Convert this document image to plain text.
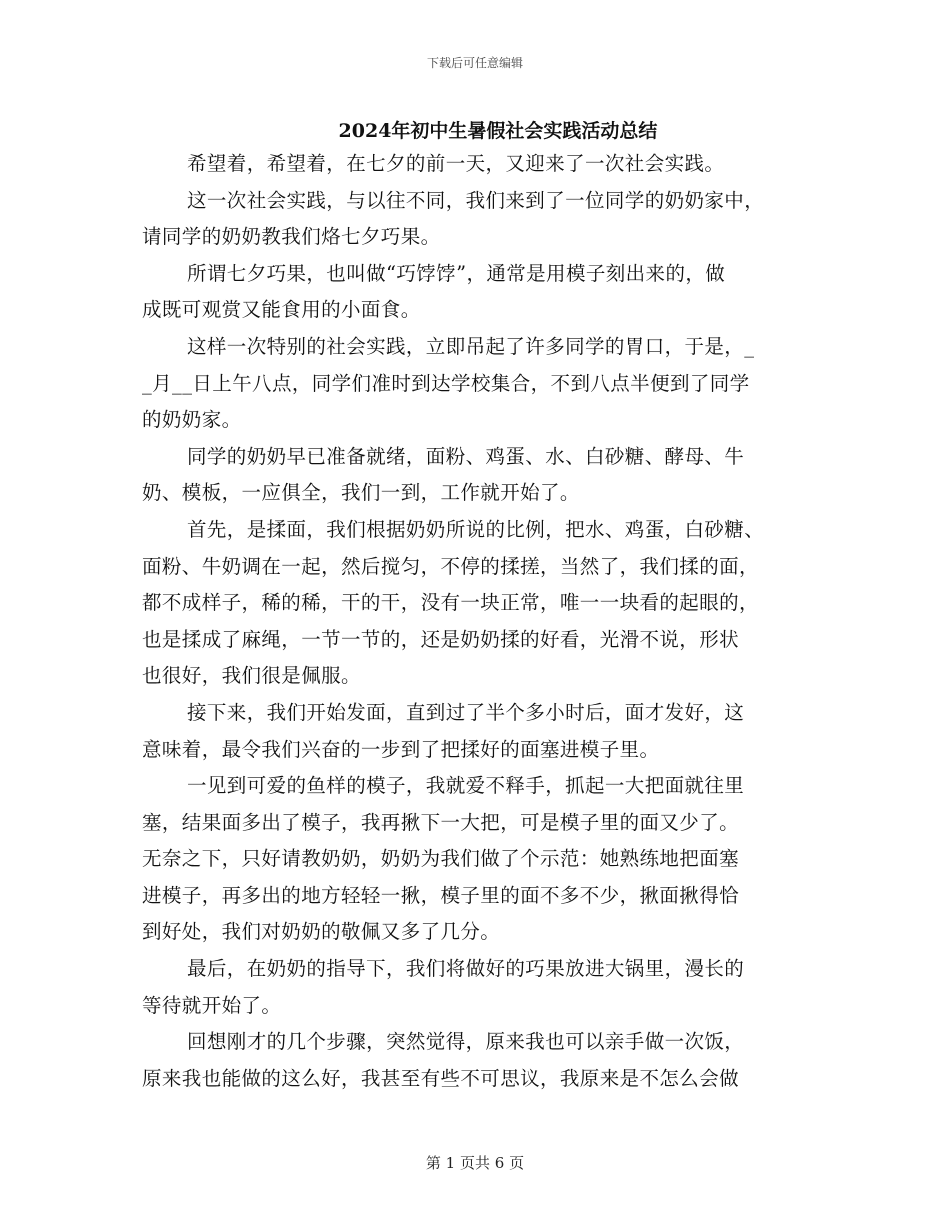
下载后可任意编辑
2024年初中生暑假社会实践活动总结
希望着，希望着，在七夕的前一天，又迎来了一次社会实践。
这一次社会实践，与以往不同，我们来到了一位同学的奶奶家中，
请同学的奶奶教我们烙七夕巧果。
所谓七夕巧果，也叫做“巧饽饽”，通常是用模子刻出来的，做
成既可观赏又能食用的小面食。
这样一次特别的社会实践，立即吊起了许多同学的胃口，于是，_
_月__日上午八点，同学们准时到达学校集合，不到八点半便到了同学
的奶奶家。
同学的奶奶早已准备就绪，面粉、鸡蛋、水、白砂糖、酵母、牛
奶、模板，一应俱全，我们一到，工作就开始了。
首先，是揉面，我们根据奶奶所说的比例，把水、鸡蛋，白砂糖、
面粉、牛奶调在一起，然后搅匀，不停的揉搓，当然了，我们揉的面，
都不成样子，稀的稀，干的干，没有一块正常，唯一一块看的起眼的，
也是揉成了麻绳，一节一节的，还是奶奶揉的好看，光滑不说，形状
也很好，我们很是佩服。
接下来，我们开始发面，直到过了半个多小时后，面才发好，这
意味着，最令我们兴奋的一步到了把揉好的面塞进模子里。
一见到可爱的鱼样的模子，我就爱不释手，抓起一大把面就往里
塞，结果面多出了模子，我再揪下一大把，可是模子里的面又少了。
无奈之下，只好请教奶奶，奶奶为我们做了个示范：她熟练地把面塞
进模子，再多出的地方轻轻一揪，模子里的面不多不少，揪面揪得恰
到好处，我们对奶奶的敬佩又多了几分。
最后，在奶奶的指导下，我们将做好的巧果放进大锅里，漫长的
等待就开始了。
回想刚才的几个步骤，突然觉得，原来我也可以亲手做一次饭，
原来我也能做的这么好，我甚至有些不可思议，我原来是不怎么会做
第 1 页共 6 页
